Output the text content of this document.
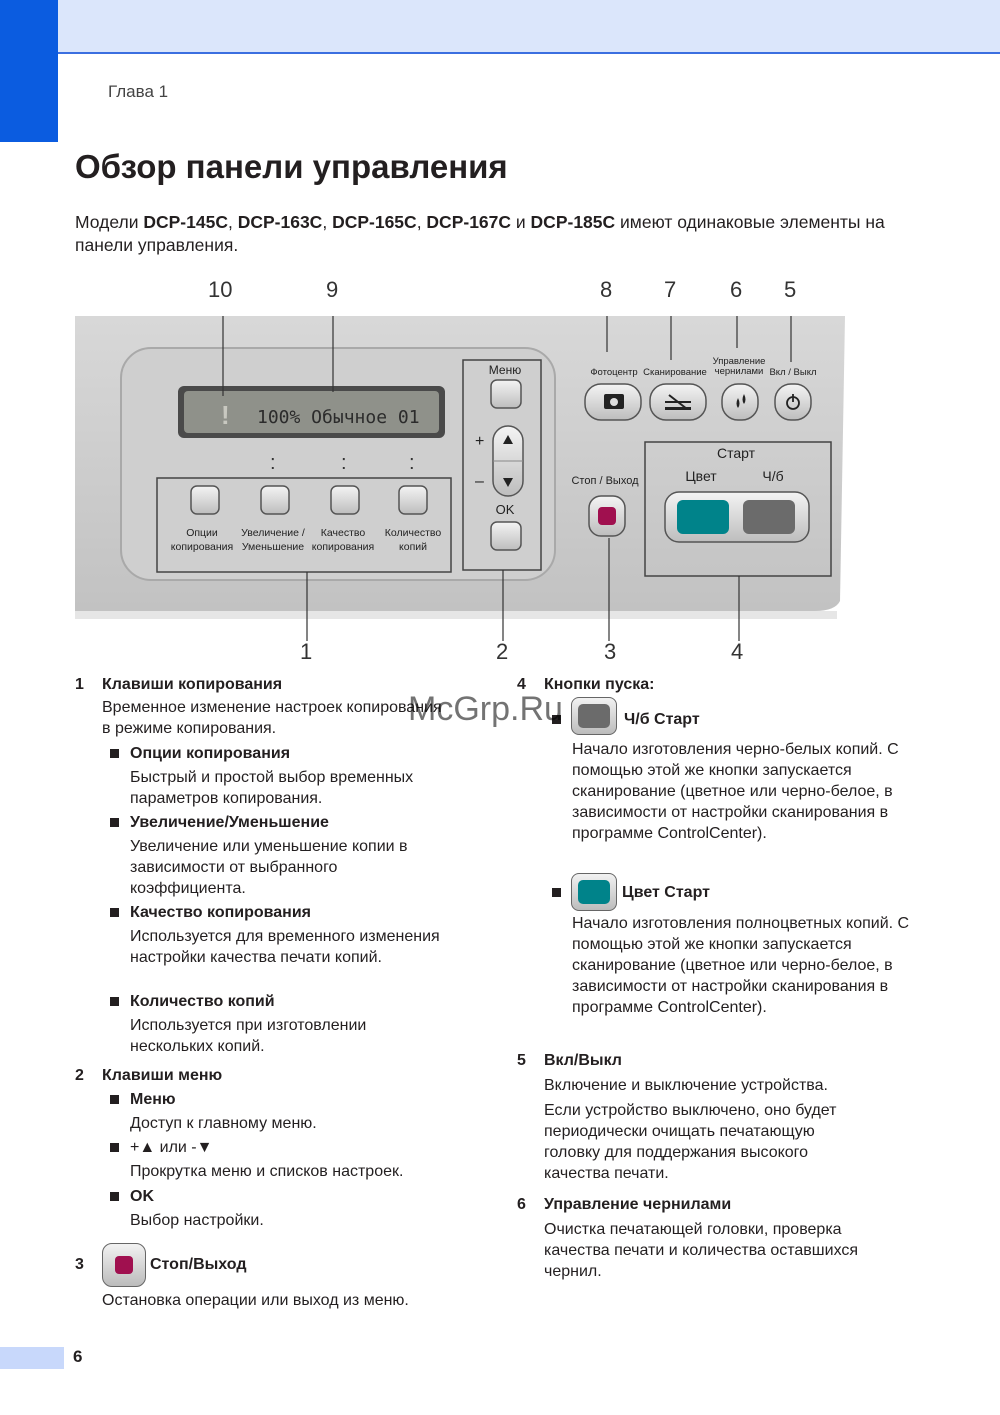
Глава 1
Обзор панели управления
Модели DCP-145C, DCP-163C, DCP-165C, DCP-167C и DCP-185C имеют одинаковые элементы на панели управления.
10	9	8 7 6 5
1	2	3	4
! 100% Обычное 01
:	:	:
Опции
копирования
Увеличение /
Уменьшение
Качество
копирования
Количество
копий
Меню
+
–
OK
Фотоцентр Сканирование
Управление
чернилами Вкл / Выкл
Стоп / Выход
Старт
Цвет	Ч/б
1 Клавиши копирования
Временное изменение настроек копирования в режиме копирования.
Опции копирования
Быстрый и простой выбор временных параметров копирования.
Увеличение/Уменьшение
Увеличение или уменьшение копии в зависимости от выбранного коэффициента.
Качество копирования
Используется для временного изменения настройки качества печати копий.
Количество копий
Используется при изготовлении нескольких копий.
2 Клавиши меню
Меню
Доступ к главному меню.
+▲ или -▼
Прокрутка меню и списков настроек.
OK
Выбор настройки.
3	Стоп/Выход
Остановка операции или выход из меню.
4 Кнопки пуска:
Ч/б Старт
Начало изготовления черно-белых копий. С помощью этой же кнопки запускается сканирование (цветное или черно-белое, в зависимости от настройки сканирования в программе ControlCenter).
Цвет Старт
Начало изготовления полноцветных копий. С помощью этой же кнопки запускается сканирование (цветное или черно-белое, в зависимости от настройки сканирования в программе ControlCenter).
5 Вкл/Выкл
Включение и выключение устройства.
Если устройство выключено, оно будет периодически очищать печатающую головку для поддержания высокого качества печати.
6 Управление чернилами
Очистка печатающей головки, проверка качества печати и количества оставшихся чернил.
McGrp.Ru
6
